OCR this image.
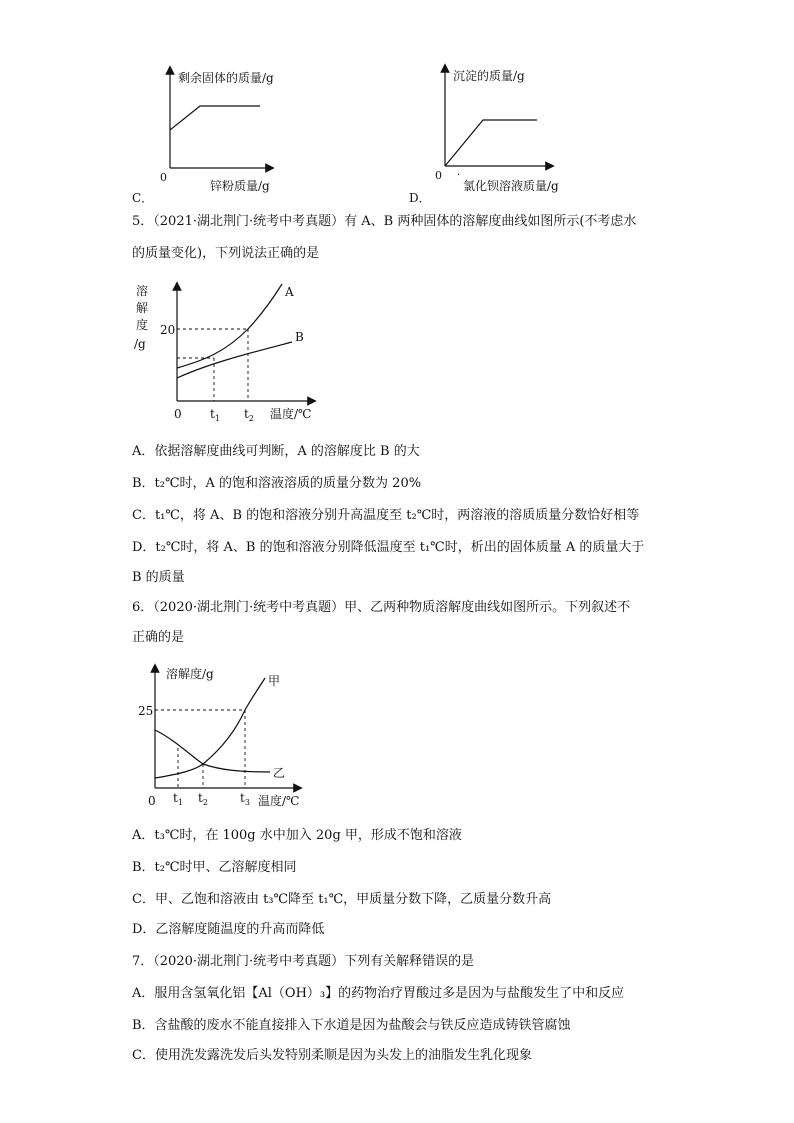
剩余固体的质量/g
0
锌粉质量/g
C．
沉淀的质量/g
0 ·
氯化钡溶液质量/g
D．
5．（2021·湖北荆门·统考中考真题）有 A、B 两种固体的溶解度曲线如图所示(不考虑水
的质量变化)，下列说法正确的是
溶
解
度
/g
20
0 $t_1$ $t_2$ 温度/℃
A
B
A．依据溶解度曲线可判断，A 的溶解度比 B 的大
B．t₂℃时，A 的饱和溶液溶质的质量分数为 20%
C．t₁℃，将 A、B 的饱和溶液分别升高温度至 t₂℃时，两溶液的溶质质量分数恰好相等
D．t₂℃时，将 A、B 的饱和溶液分别降低温度至 t₁℃时，析出的固体质量 A 的质量大于
B 的质量
6．（2020·湖北荆门·统考中考真题）甲、乙两种物质溶解度曲线如图所示。下列叙述不
正确的是
溶解度/g
25
0 $t_1$ $t_2$	$t_3$ 温度/℃
甲
乙
A．t₃℃时，在 100g 水中加入 20g 甲，形成不饱和溶液
B．t₂℃时甲、乙溶解度相同
C．甲、乙饱和溶液由 t₃℃降至 t₁℃，甲质量分数下降，乙质量分数升高
D．乙溶解度随温度的升高而降低
7．（2020·湖北荆门·统考中考真题）下列有关解释错误的是
A．服用含氢氧化铝【Al（OH）₃】的药物治疗胃酸过多是因为与盐酸发生了中和反应
B．含盐酸的废水不能直接排入下水道是因为盐酸会与铁反应造成铸铁管腐蚀
C．使用洗发露洗发后头发特别柔顺是因为头发上的油脂发生乳化现象
